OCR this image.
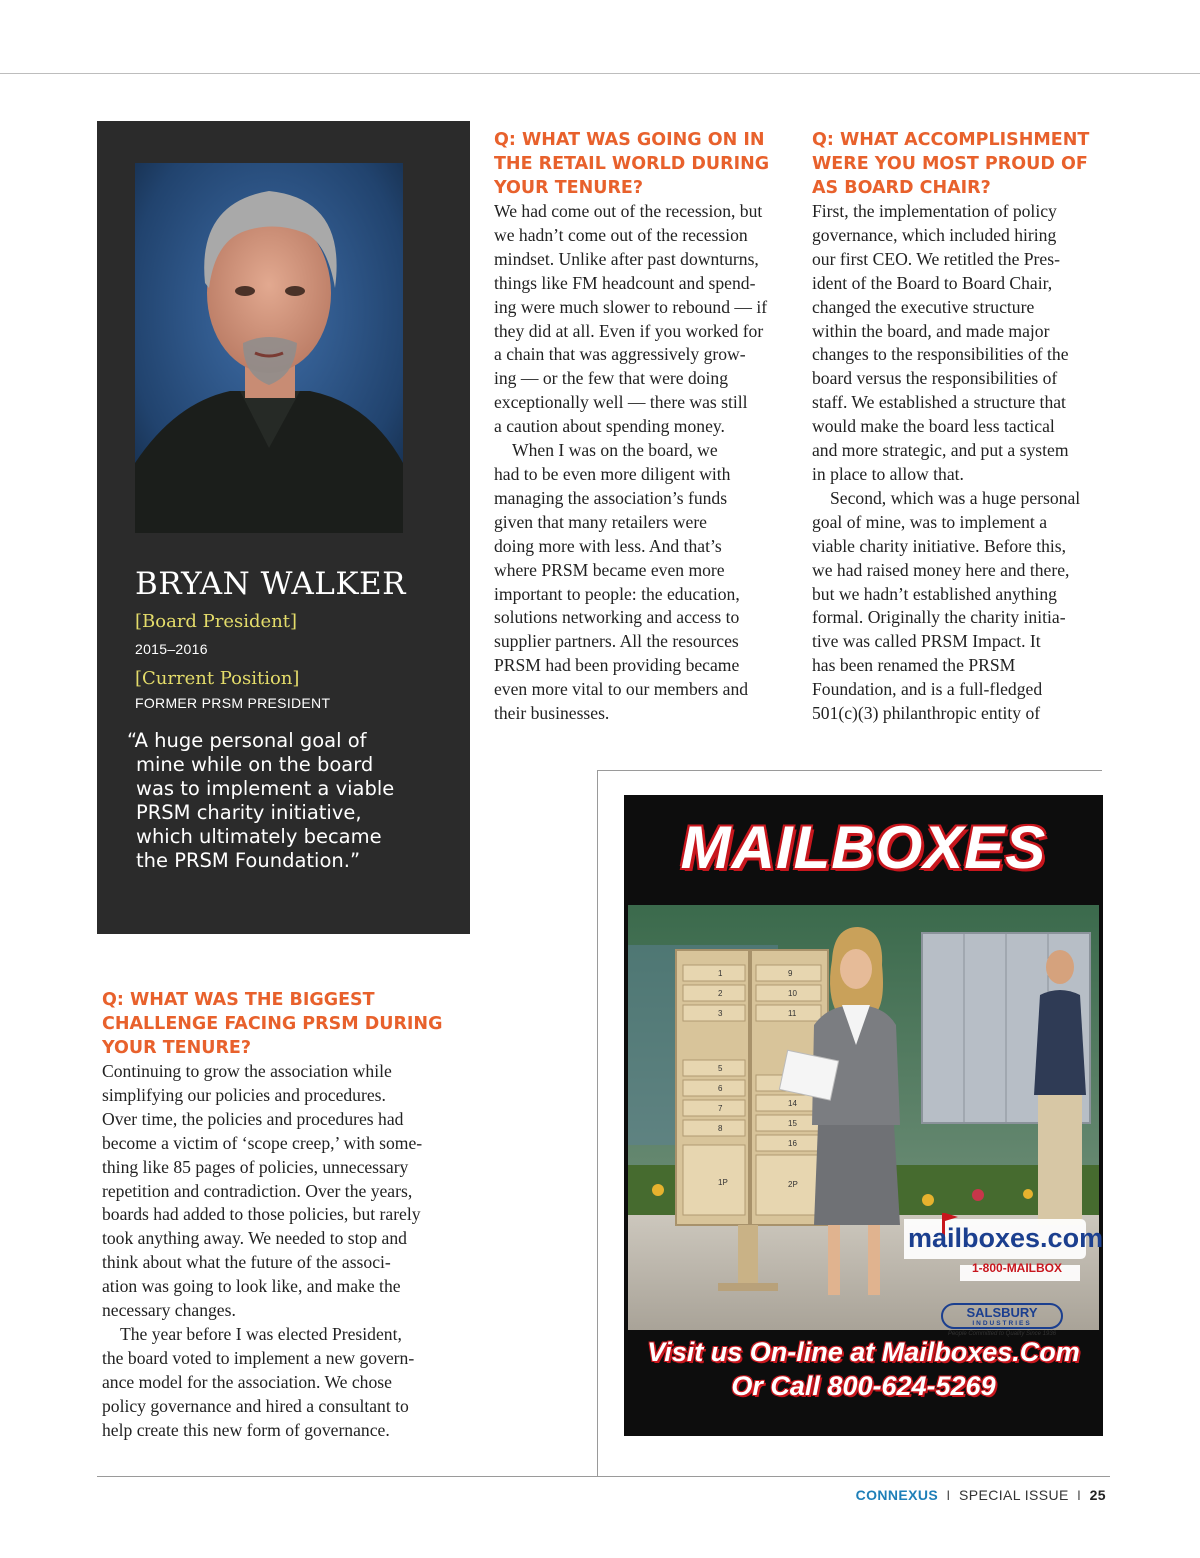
BRYAN WALKER
[Board President]
2015–2016
[Current Position]
FORMER PRSM PRESIDENT
“A huge personal goal of
mine while on the board
was to implement a viable
PRSM charity initiative,
which ultimately became
the PRSM Foundation.”
Q: WHAT WAS GOING ON IN
THE RETAIL WORLD DURING
YOUR TENURE?
We had come out of the recession, but
we hadn’t come out of the recession
mindset. Unlike after past downturns,
things like FM headcount and spend-
ing were much slower to rebound — if
they did at all. Even if you worked for
a chain that was aggressively grow-
ing — or the few that were doing
exceptionally well — there was still
a caution about spending money.
When I was on the board, we
had to be even more diligent with
managing the association’s funds
given that many retailers were
doing more with less. And that’s
where PRSM became even more
important to people: the education,
solutions networking and access to
supplier partners. All the resources
PRSM had been providing became
even more vital to our members and
their businesses.
Q: WHAT ACCOMPLISHMENT
WERE YOU MOST PROUD OF
AS BOARD CHAIR?
First, the implementation of policy
governance, which included hiring
our first CEO. We retitled the Pres-
ident of the Board to Board Chair,
changed the executive structure
within the board, and made major
changes to the responsibilities of the
board versus the responsibilities of
staff. We established a structure that
would make the board less tactical
and more strategic, and put a system
in place to allow that.
Second, which was a huge personal
goal of mine, was to implement a
viable charity initiative. Before this,
we had raised money here and there,
but we hadn’t established anything
formal. Originally the charity initia-
tive was called PRSM Impact. It
has been renamed the PRSM
Foundation, and is a full-fledged
501(c)(3) philanthropic entity of
Q: WHAT WAS THE BIGGEST
CHALLENGE FACING PRSM DURING
YOUR TENURE?
Continuing to grow the association while
simplifying our policies and procedures.
Over time, the policies and procedures had
become a victim of ‘scope creep,’ with some-
thing like 85 pages of policies, unnecessary
repetition and contradiction. Over the years,
boards had added to those policies, but rarely
took anything away. We needed to stop and
think about what the future of the associ-
ation was going to look like, and make the
necessary changes.
The year before I was elected President,
the board voted to implement a new govern-
ance model for the association. We chose
policy governance and hired a consultant to
help create this new form of governance.
MAILBOXES
1
2
3
5
6
7
8
1P
9
10
11
14
15
16
2P
mailboxes.com
1-800-MAILBOX
SALSBURY
INDUSTRIES
People Committed to Quality Since 1936
Visit us On-line at Mailboxes.Com
Or Call 800-624-5269
CONNEXUS I SPECIAL ISSUE I 25
